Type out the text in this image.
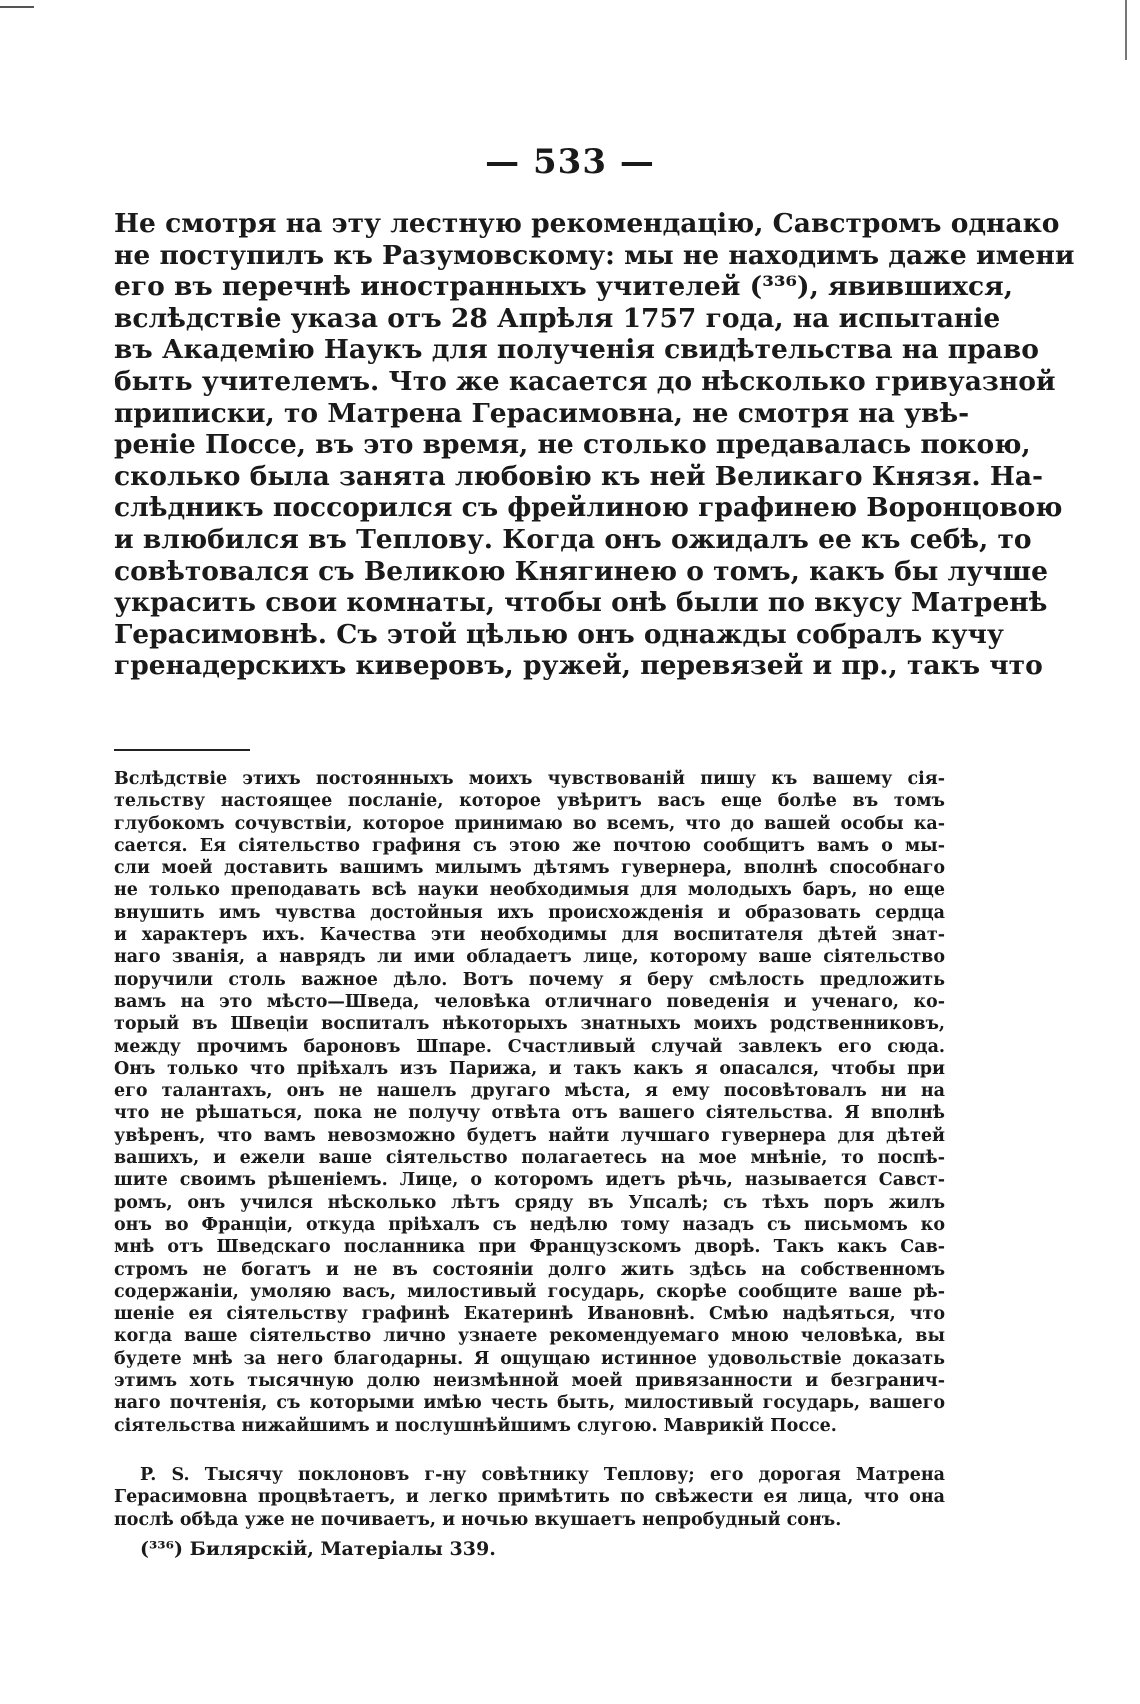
— 533 —
Не смотря на эту лестную рекомендацію, Савстромъ однако
не поступилъ къ Разумовскому: мы не находимъ даже имени
его въ перечнѣ иностранныхъ учителей (³³⁶), явившихся,
вслѣдствіе указа отъ 28 Апрѣля 1757 года, на испытаніе
въ Академію Наукъ для полученія свидѣтельства на право
быть учителемъ. Что же касается до нѣсколько гривуазной
приписки, то Матрена Герасимовна, не смотря на увѣ-
реніе Поссе, въ это время, не столько предавалась покою,
сколько была занята любовію къ ней Великаго Князя. На-
слѣдникъ поссорился съ фрейлиною графинею Воронцовою
и влюбился въ Теплову. Когда онъ ожидалъ ее къ себѣ, то
совѣтовался съ Великою Княгинею о томъ, какъ бы лучше
украсить свои комнаты, чтобы онѣ были по вкусу Матренѣ
Герасимовнѣ. Съ этой цѣлью онъ однажды собралъ кучу
гренадерскихъ киверовъ, ружей, перевязей и пр., такъ что
Вслѣдствіе этихъ постоянныхъ моихъ чувствованій пишу къ вашему сія-
тельству настоящее посланіе, которое увѣритъ васъ еще болѣе въ томъ
глубокомъ сочувствіи, которое принимаю во всемъ, что до вашей особы ка-
сается. Ея сіятельство графиня съ этою же почтою сообщитъ вамъ о мы-
сли моей доставить вашимъ милымъ дѣтямъ гувернера, вполнѣ способнаго
не только преподавать всѣ науки необходимыя для молодыхъ баръ, но еще
внушить имъ чувства достойныя ихъ происхожденія и образовать сердца
и характеръ ихъ. Качества эти необходимы для воспитателя дѣтей знат-
наго званія, а наврядъ ли ими обладаетъ лице, которому ваше сіятельство
поручили столь важное дѣло. Вотъ почему я беру смѣлость предложить
вамъ на это мѣсто—Шведа, человѣка отличнаго поведенія и ученаго, ко-
торый въ Швеціи воспиталъ нѣкоторыхъ знатныхъ моихъ родственниковъ,
между прочимъ бароновъ Шпаре. Счастливый случай завлекъ его сюда.
Онъ только что пріѣхалъ изъ Парижа, и такъ какъ я опасался, чтобы при
его талантахъ, онъ не нашелъ другаго мѣста, я ему посовѣтовалъ ни на
что не рѣшаться, пока не получу отвѣта отъ вашего сіятельства. Я вполнѣ
увѣренъ, что вамъ невозможно будетъ найти лучшаго гувернера для дѣтей
вашихъ, и ежели ваше сіятельство полагаетесь на мое мнѣніе, то поспѣ-
шите своимъ рѣшеніемъ. Лице, о которомъ идетъ рѣчь, называется Савст-
ромъ, онъ учился нѣсколько лѣтъ сряду въ Упсалѣ; съ тѣхъ поръ жилъ
онъ во Франціи, откуда пріѣхалъ съ недѣлю тому назадъ съ письмомъ ко
мнѣ отъ Шведскаго посланника при Французскомъ дворѣ. Такъ какъ Сав-
стромъ не богатъ и не въ состояніи долго жить здѣсь на собственномъ
содержаніи, умоляю васъ, милостивый государь, скорѣе сообщите ваше рѣ-
шеніе ея сіятельству графинѣ Екатеринѣ Ивановнѣ. Смѣю надѣяться, что
когда ваше сіятельство лично узнаете рекомендуемаго мною человѣка, вы
будете мнѣ за него благодарны. Я ощущаю истинное удовольствіе доказать
этимъ хоть тысячную долю неизмѣнной моей привязанности и безгранич-
наго почтенія, съ которыми имѣю честь быть, милостивый государь, вашего
сіятельства нижайшимъ и послушнѣйшимъ слугою. Маврикій Поссе.
P. S. Тысячу поклоновъ г-ну совѣтнику Теплову; его дорогая Матрена
Герасимовна процвѣтаетъ, и легко примѣтить по свѣжести ея лица, что она
послѣ обѣда уже не почиваетъ, и ночью вкушаетъ непробудный сонъ.
(³³⁶) Билярскій, Матеріалы 339.
